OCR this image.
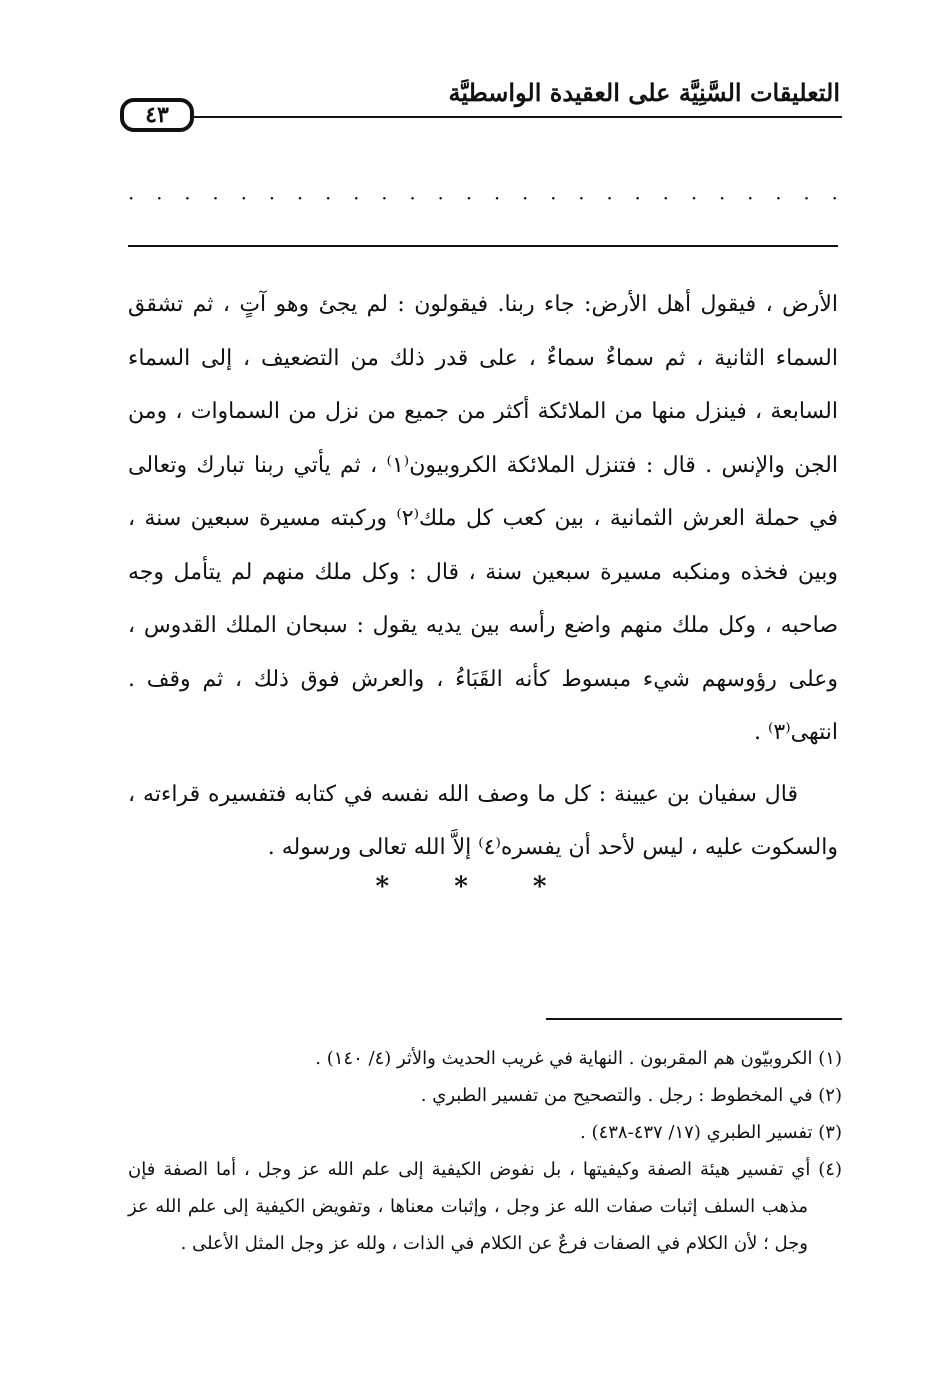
التعليقات السَّنِيَّة على العقيدة الواسطيَّة
٤٣
· · · · · · · · · · · · · · · · · · · · · · · · · ·

الأرض ، فيقول أهل الأرض: جاء ربنا. فيقولون : لم يجئ وهو آتٍ ، ثم تشقق السماء الثانية ، ثم سماءٌ سماءٌ ، على قدر ذلك من التضعيف ، إلى السماء السابعة ، فينزل منها من الملائكة أكثر من جميع من نزل من السماوات ، ومن الجن والإنس . قال : فتنزل الملائكة الكروبيون⁽١⁾ ، ثم يأتي ربنا تبارك وتعالى في حملة العرش الثمانية ، بين كعب كل ملك⁽٢⁾ وركبته مسيرة سبعين سنة ، وبين فخذه ومنكبه مسيرة سبعين سنة ، قال : وكل ملك منهم لم يتأمل وجه صاحبه ، وكل ملك منهم واضع رأسه بين يديه يقول : سبحان الملك القدوس ، وعلى رؤوسهم شيء مبسوط كأنه القَبَاءُ ، والعرش فوق ذلك ، ثم وقف . انتهى⁽٣⁾ .

قال سفيان بن عيينة : كل ما وصف الله نفسه في كتابه فتفسيره قراءته ، والسكوت عليه ، ليس لأحد أن يفسره⁽٤⁾ إلاَّ الله تعالى ورسوله .

* * *

(١) الكروبيّون هم المقربون . النهاية في غريب الحديث والأثر (٤/ ١٤٠) .

(٢) في المخطوط : رجل . والتصحيح من تفسير الطبري .

(٣) تفسير الطبري (١٧/ ٤٣٧-٤٣٨) .

(٤) أي تفسير هيئة الصفة وكيفيتها ، بل نفوض الكيفية إلى علم الله عز وجل ، أما الصفة فإن مذهب السلف إثبات صفات الله عز وجل ، وإثبات معناها ، وتفويض الكيفية إلى علم الله عز وجل ؛ لأن الكلام في الصفات فرعٌ عن الكلام في الذات ، ولله عز وجل المثل الأعلى .
